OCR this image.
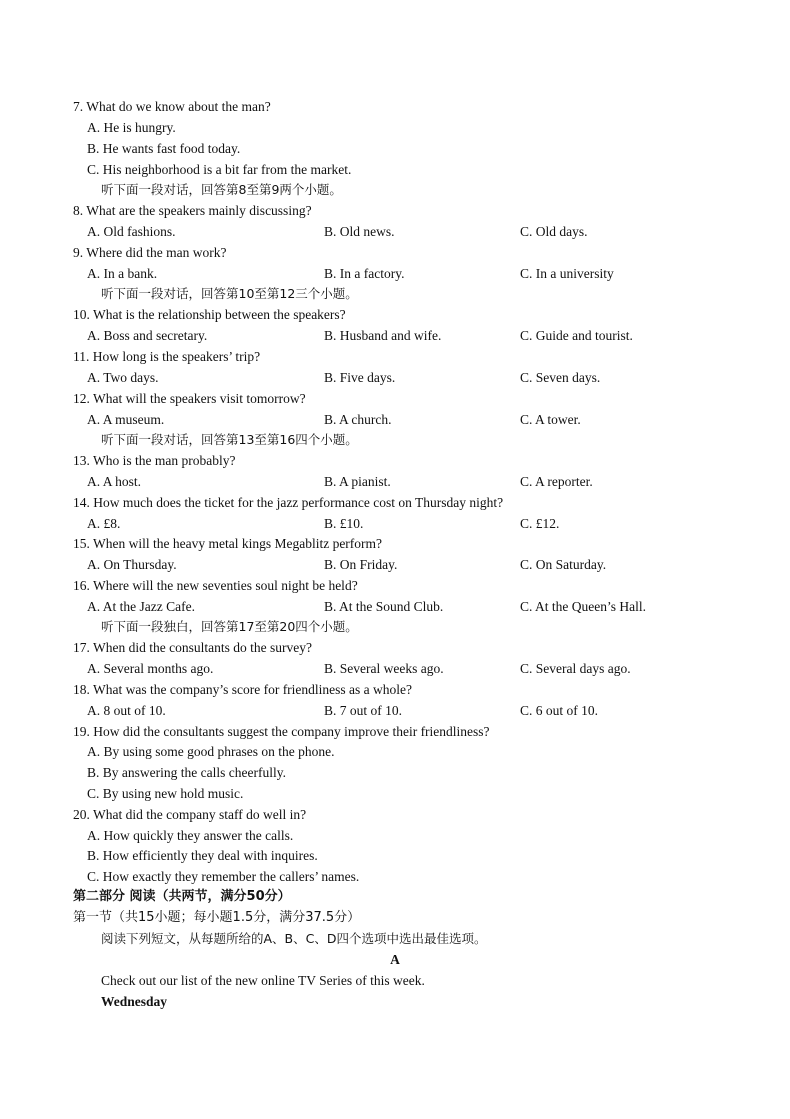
7. What do we know about the man?
A. He is hungry.
B. He wants fast food today.
C. His neighborhood is a bit far from the market.
听下面一段对话，回答第8至第9两个小题。
8. What are the speakers mainly discussing?
A. Old fashions.	B. Old news.	C. Old days.
9. Where did the man work?
A. In a bank.	B. In a factory.	C. In a university
听下面一段对话，回答第10至第12三个小题。
10. What is the relationship between the speakers?
A. Boss and secretary.	B. Husband and wife.	C. Guide and tourist.
11. How long is the speakers’ trip?
A. Two days.	B. Five days.	C. Seven days.
12. What will the speakers visit tomorrow?
A. A museum.	B. A church.	C. A tower.
听下面一段对话，回答第13至第16四个小题。
13. Who is the man probably?
A. A host.	B. A pianist.	C. A reporter.
14. How much does the ticket for the jazz performance cost on Thursday night?
A. £8.	B. £10.	C. £12.
15. When will the heavy metal kings Megablitz perform?
A. On Thursday.	B. On Friday.	C. On Saturday.
16. Where will the new seventies soul night be held?
A. At the Jazz Cafe.	B. At the Sound Club.	C. At the Queen’s Hall.
听下面一段独白，回答第17至第20四个小题。
17. When did the consultants do the survey?
A. Several months ago.	B. Several weeks ago.	C. Several days ago.
18. What was the company’s score for friendliness as a whole?
A. 8 out of 10.	B. 7 out of 10.	C. 6 out of 10.
19. How did the consultants suggest the company improve their friendliness?
A. By using some good phrases on the phone.
B. By answering the calls cheerfully.
C. By using new hold music.
20. What did the company staff do well in?
A. How quickly they answer the calls.
B. How efficiently they deal with inquires.
C. How exactly they remember the callers’ names.
第二部分 阅读（共两节，满分50分）
第一节（共15小题；每小题1.5分，满分37.5分）
阅读下列短文，从每题所给的A、B、C、D四个选项中选出最佳选项。
A
Check out our list of the new online TV Series of this week.
Wednesday
